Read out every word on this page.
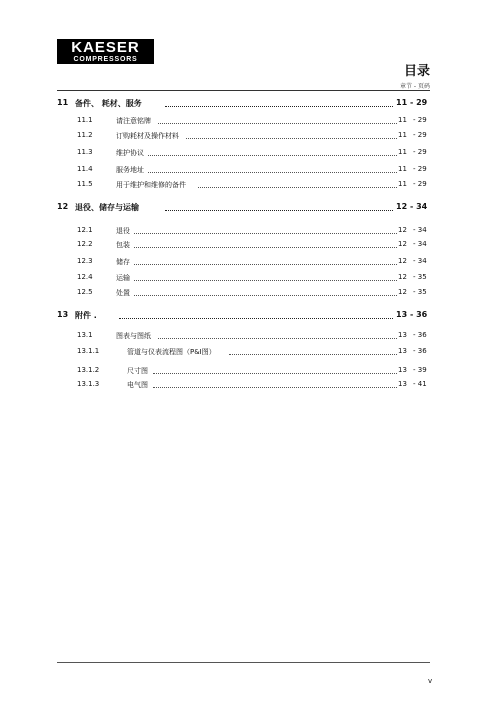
KAESER
COMPRESSORS
目录
章节 - 页码
11 备件、 耗材、服务	11 - 29
11.1	请注意铭牌	11 - 29
11.2	订购耗材及操作材料	11 - 29
11.3	维护协议	11 - 29
11.4	服务地址	11 - 29
11.5	用于维护和维修的备件	11 - 29
12 退役、储存与运输	12 - 34
12.1	退役	12 - 34
12.2	包装	12 - 34
12.3	储存	12 - 34
12.4	运输	12 - 35
12.5	处置	12 - 35
13 附件 .	13 - 36
13.1	图表与图纸	13 - 36
13.1.1	管道与仪表流程图（P&I图）	13 - 36
13.1.2	尺寸图	13 - 39
13.1.3	电气图	13 - 41
v
